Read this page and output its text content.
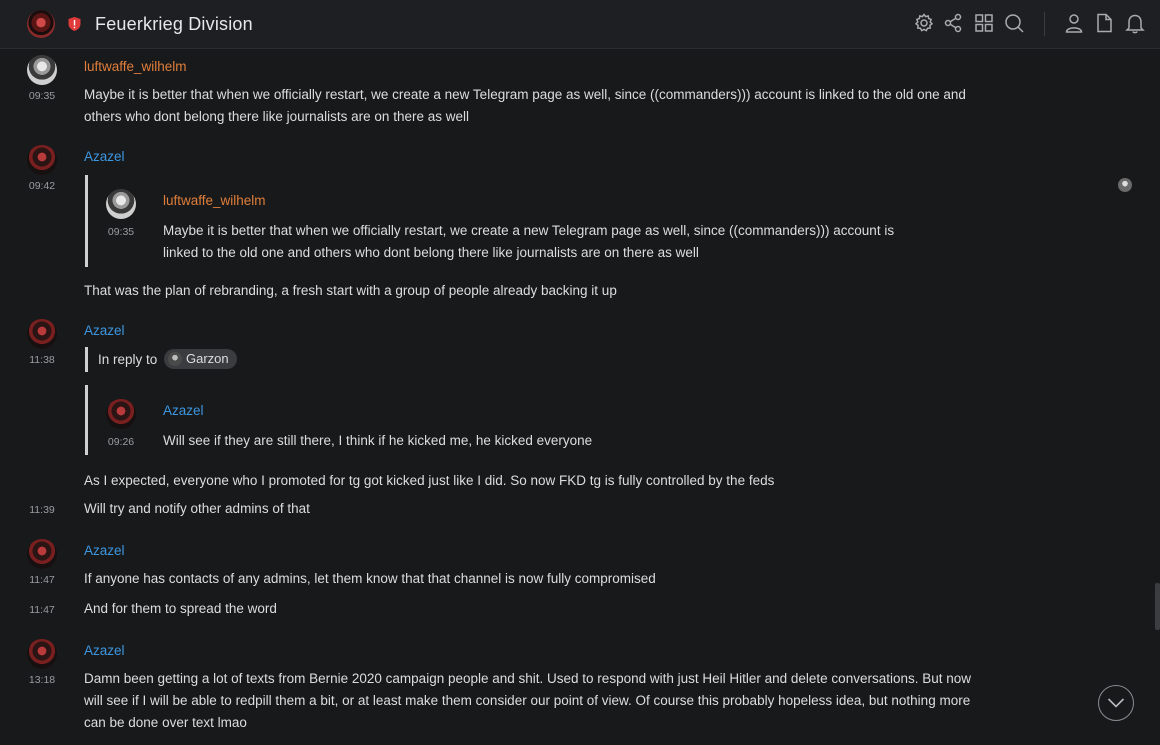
Feuerkrieg Division
luftwaffe_wilhelm
09:35	Maybe it is better that when we officially restart, we create a new Telegram page as well, since ((commanders))) account is linked to the old one and others who dont belong there like journalists are on there as well
Azazel
09:42
luftwaffe_wilhelm
09:35	Maybe it is better that when we officially restart, we create a new Telegram page as well, since ((commanders))) account is linked to the old one and others who dont belong there like journalists are on there as well
That was the plan of rebranding, a fresh start with a group of people already backing it up
Azazel
11:38	In reply to	Garzon
Azazel
09:26	Will see if they are still there, I think if he kicked me, he kicked everyone
As I expected, everyone who I promoted for tg got kicked just like I did. So now FKD tg is fully controlled by the feds
11:39	Will try and notify other admins of that
Azazel
11:47	If anyone has contacts of any admins, let them know that that channel is now fully compromised
11:47	And for them to spread the word
Azazel
13:18	Damn been getting a lot of texts from Bernie 2020 campaign people and shit. Used to respond with just Heil Hitler and delete conversations. But now will see if I will be able to redpill them a bit, or at least make them consider our point of view. Of course this probably hopeless idea, but nothing more can be done over text lmao
